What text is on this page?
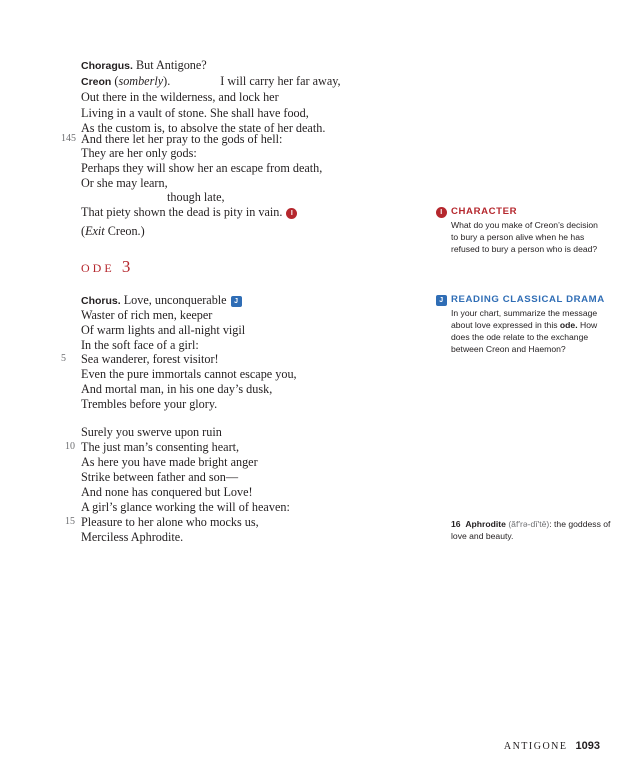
Choragus. But Antigone?
Creon (somberly).	I will carry her far away,
Out there in the wilderness, and lock her
Living in a vault of stone. She shall have food,
As the custom is, to absolve the state of her death.
145 And there let her pray to the gods of hell:
They are her only gods:
Perhaps they will show her an escape from death,
Or she may learn,
though late,
That piety shown the dead is pity in vain. I
(Exit Creon.)
ode 3
Chorus. Love, unconquerable J
Waster of rich men, keeper
Of warm lights and all-night vigil
In the soft face of a girl:
5 Sea wanderer, forest visitor!
Even the pure immortals cannot escape you,
And mortal man, in his one day’s dusk,
Trembles before your glory.
Surely you swerve upon ruin
10 The just man’s consenting heart,
As here you have made bright anger
Strike between father and son—
And none has conquered but Love!
A girl’s glance working the will of heaven:
15 Pleasure to her alone who mocks us,
Merciless Aphrodite.
I CHARACTER
What do you make of Creon’s decision to bury a person alive when he has refused to bury a person who is dead?
J READING CLASSICAL DRAMA
In your chart, summarize the message about love expressed in this ode. How does the ode relate to the exchange between Creon and Haemon?
16 Aphrodite (ăf′rə-dī′tē): the goddess of love and beauty.
ANTIGONE 1093
